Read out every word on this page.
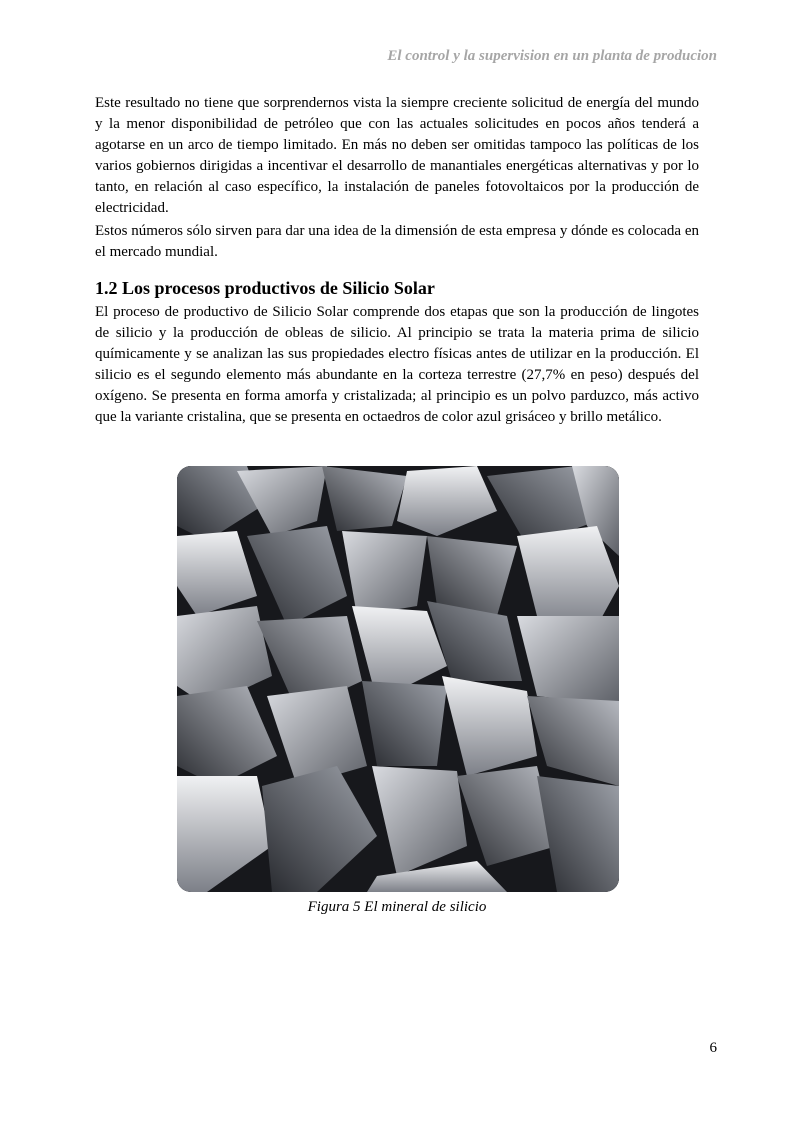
El control y la supervision en un planta de producion

Este resultado no tiene que sorprendernos vista la siempre creciente solicitud de energía del mundo y la menor disponibilidad de petróleo que con las actuales solicitudes en pocos años tenderá a agotarse en un arco de tiempo limitado. En más no deben ser omitidas tampoco las políticas de los varios gobiernos dirigidas a incentivar el desarrollo de manantiales energéticas alternativas y por lo tanto, en relación al caso específico, la instalación de paneles fotovoltaicos por la producción de electricidad.

Estos números sólo sirven para dar una idea de la dimensión de esta empresa y dónde es colocada en el mercado mundial.

1.2 Los procesos productivos de Silicio Solar

El proceso de productivo de Silicio Solar comprende dos etapas que son la producción de lingotes de silicio y la producción de obleas de silicio. Al principio se trata la materia prima de silicio químicamente y se analizan las sus propiedades electro físicas antes de utilizar en la producción. El silicio es el segundo elemento más abundante en la corteza terrestre (27,7% en peso) después del oxígeno. Se presenta en forma amorfa y cristalizada; al principio es un polvo parduzco, más activo que la variante cristalina, que se presenta en octaedros de color azul grisáceo y brillo metálico.

Figura 5 El mineral de silicio
6
